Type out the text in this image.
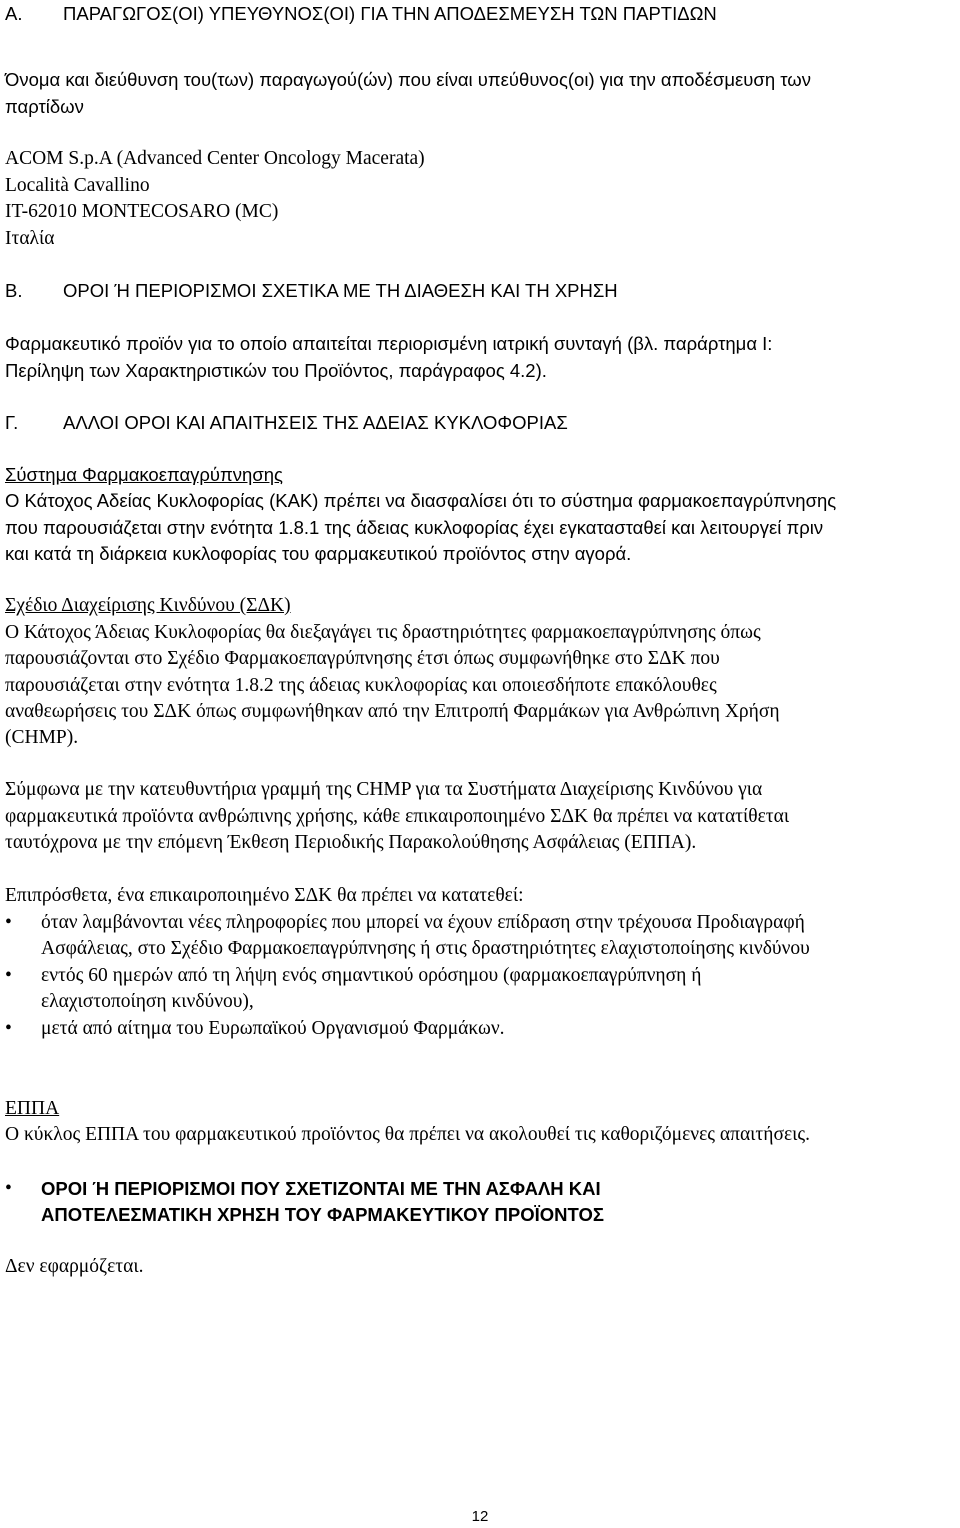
A. ΠΑΡΑΓΩΓΟΣ(ΟΙ) ΥΠΕΥΘΥΝΟΣ(ΟΙ) ΓΙΑ ΤΗΝ ΑΠΟΔΕΣΜΕΥΣΗ ΤΩΝ ΠΑΡΤΙΔΩΝ
Όνομα και διεύθυνση του(των) παραγωγού(ών) που είναι υπεύθυνος(οι) για την αποδέσμευση των
παρτίδων
ACOM S.p.A (Advanced Center Oncology Macerata)
Località Cavallino
IT-62010 MONTECOSARO (MC)
Ιταλία
B. ΟΡΟΙ Ή ΠΕΡΙΟΡΙΣΜΟΙ ΣΧΕΤΙΚΑ ΜΕ ΤΗ ΔΙΑΘΕΣΗ ΚΑΙ ΤΗ ΧΡΗΣΗ
Φαρμακευτικό προϊόν για το οποίο απαιτείται περιορισμένη ιατρική συνταγή (βλ. παράρτημα I:
Περίληψη των Χαρακτηριστικών του Προϊόντος, παράγραφος 4.2).
Γ. ΑΛΛΟΙ ΟΡΟΙ ΚΑΙ ΑΠΑΙΤΗΣΕΙΣ ΤΗΣ ΑΔΕΙΑΣ ΚΥΚΛΟΦΟΡΙΑΣ
Σύστημα Φαρμακοεπαγρύπνησης
Ο Κάτοχος Αδείας Κυκλοφορίας (ΚΑΚ) πρέπει να διασφαλίσει ότι το σύστημα φαρμακοεπαγρύπνησης
που παρουσιάζεται στην ενότητα 1.8.1 της άδειας κυκλοφορίας έχει εγκατασταθεί και λειτουργεί πριν
και κατά τη διάρκεια κυκλοφορίας του φαρμακευτικού προϊόντος στην αγορά.
Σχέδιο Διαχείρισης Κινδύνου (ΣΔΚ)
Ο Κάτοχος Άδειας Κυκλοφορίας θα διεξαγάγει τις δραστηριότητες φαρμακοεπαγρύπνησης όπως
παρουσιάζονται στο Σχέδιο Φαρμακοεπαγρύπνησης έτσι όπως συμφωνήθηκε στο ΣΔΚ που
παρουσιάζεται στην ενότητα 1.8.2 της άδειας κυκλοφορίας και οποιεσδήποτε επακόλουθες
αναθεωρήσεις του ΣΔΚ όπως συμφωνήθηκαν από την Επιτροπή Φαρμάκων για Ανθρώπινη Χρήση
(CHMP).
Σύμφωνα με την κατευθυντήρια γραμμή της CHMP για τα Συστήματα Διαχείρισης Κινδύνου για
φαρμακευτικά προϊόντα ανθρώπινης χρήσης, κάθε επικαιροποιημένο ΣΔΚ θα πρέπει να κατατίθεται
ταυτόχρονα με την επόμενη Έκθεση Περιοδικής Παρακολούθησης Ασφάλειας (ΕΠΠΑ).
Επιπρόσθετα, ένα επικαιροποιημένο ΣΔΚ θα πρέπει να κατατεθεί:
• όταν λαμβάνονται νέες πληροφορίες που μπορεί να έχουν επίδραση στην τρέχουσα Προδιαγραφή
Ασφάλειας, στο Σχέδιο Φαρμακοεπαγρύπνησης ή στις δραστηριότητες ελαχιστοποίησης κινδύνου
• εντός 60 ημερών από τη λήψη ενός σημαντικού ορόσημου (φαρμακοεπαγρύπνηση ή
ελαχιστοποίηση κινδύνου),
• μετά από αίτημα του Ευρωπαϊκού Οργανισμού Φαρμάκων.
ΕΠΠΑ
Ο κύκλος ΕΠΠΑ του φαρμακευτικού προϊόντος θα πρέπει να ακολουθεί τις καθοριζόμενες απαιτήσεις.
• ΟΡΟΙ Ή ΠΕΡΙΟΡΙΣΜΟΙ ΠΟΥ ΣΧΕΤΙΖΟΝΤΑΙ ΜΕ ΤΗΝ ΑΣΦΑΛΗ ΚΑΙ
ΑΠΟΤΕΛΕΣΜΑΤΙΚΗ ΧΡΗΣΗ ΤΟΥ ΦΑΡΜΑΚΕΥΤΙΚΟΥ ΠΡΟΪΟΝΤΟΣ
Δεν εφαρμόζεται.
12
